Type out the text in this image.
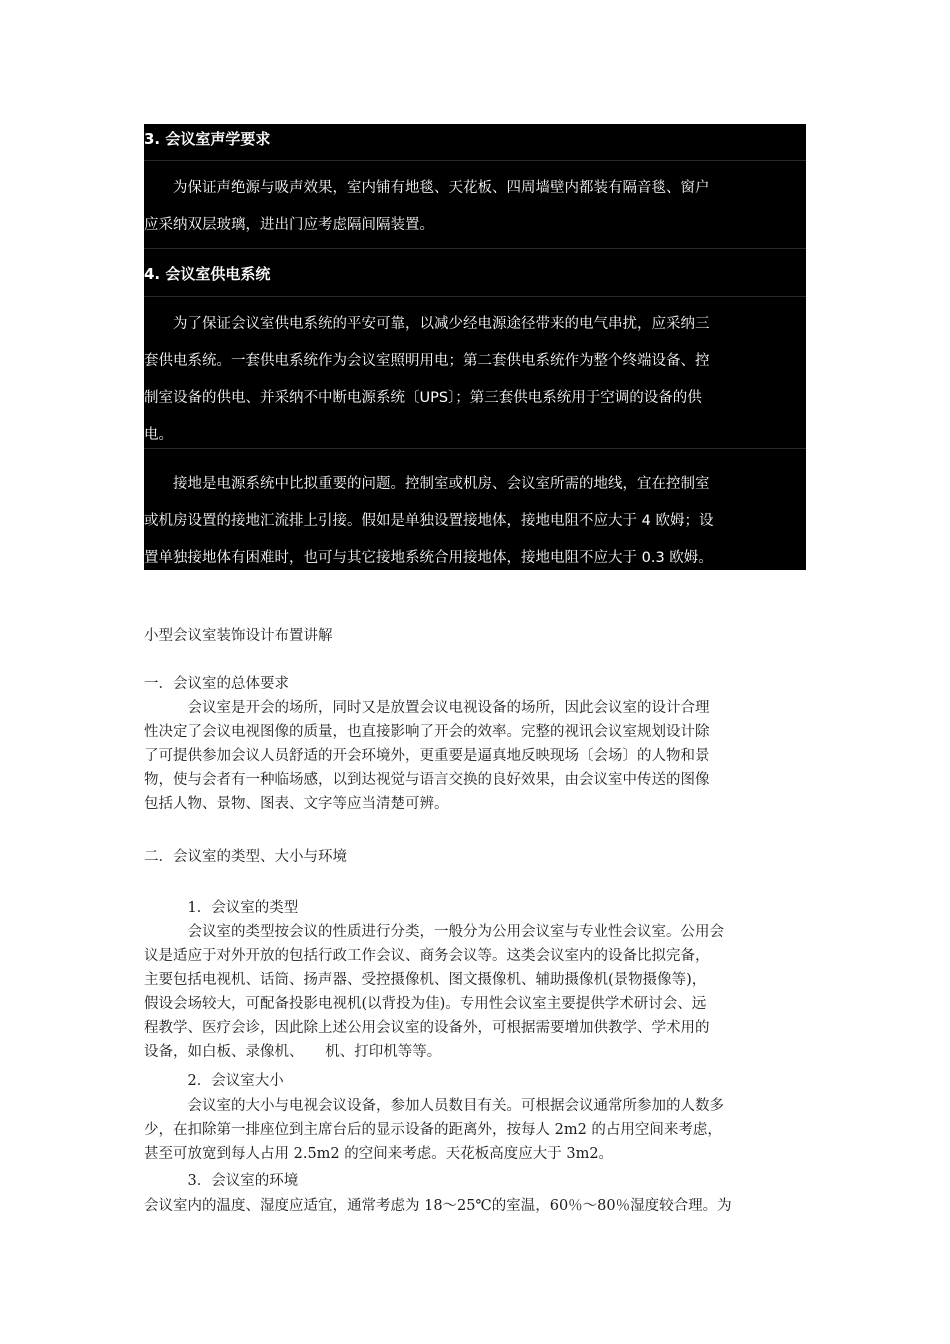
3. 会议室声学要求
　　为保证声绝源与吸声效果，室内铺有地毯、天花板、四周墙壁内都装有隔音毯、窗户
应采纳双层玻璃，进出门应考虑隔间隔装置。
4. 会议室供电系统
　　为了保证会议室供电系统的平安可靠，以减少经电源途径带来的电气串扰，应采纳三
套供电系统。一套供电系统作为会议室照明用电；第二套供电系统作为整个终端设备、控
制室设备的供电、并采纳不中断电源系统〔UPS〕；第三套供电系统用于空调的设备的供
电。
　　接地是电源系统中比拟重要的问题。控制室或机房、会议室所需的地线，宜在控制室
或机房设置的接地汇流排上引接。假如是单独设置接地体，接地电阻不应大于 4 欧姆；设
置单独接地体有困难时，也可与其它接地系统合用接地体，接地电阻不应大于 0.3 欧姆。
小型会议室装饰设计布置讲解
一．会议室的总体要求
　　　会议室是开会的场所，同时又是放置会议电视设备的场所，因此会议室的设计合理
性决定了会议电视图像的质量，也直接影响了开会的效率。完整的视讯会议室规划设计除
了可提供参加会议人员舒适的开会环境外，更重要是逼真地反映现场〔会场〕的人物和景
物，使与会者有一种临场感，以到达视觉与语言交换的良好效果，由会议室中传送的图像
包括人物、景物、图表、文字等应当清楚可辨。
二．会议室的类型、大小与环境
　　　1．会议室的类型
　　　会议室的类型按会议的性质进行分类，一般分为公用会议室与专业性会议室。公用会
议是适应于对外开放的包括行政工作会议、商务会议等。这类会议室内的设备比拟完备，
主要包括电视机、话筒、扬声器、受控摄像机、图文摄像机、辅助摄像机(景物摄像等)，
假设会场较大，可配备投影电视机(以背投为佳)。专用性会议室主要提供学术研讨会、远
程教学、医疗会诊，因此除上述公用会议室的设备外，可根据需要增加供教学、学术用的
设备，如白板、录像机、　　机、打印机等等。
　　　2．会议室大小
　　　会议室的大小与电视会议设备，参加人员数目有关。可根据会议通常所参加的人数多
少，在扣除第一排座位到主席台后的显示设备的距离外，按每人 2m2 的占用空间来考虑，
甚至可放宽到每人占用 2.5m2 的空间来考虑。天花板高度应大于 3m2。
　　　3．会议室的环境
会议室内的温度、湿度应适宜，通常考虑为 18～25℃的室温，60％～80％湿度较合理。为
